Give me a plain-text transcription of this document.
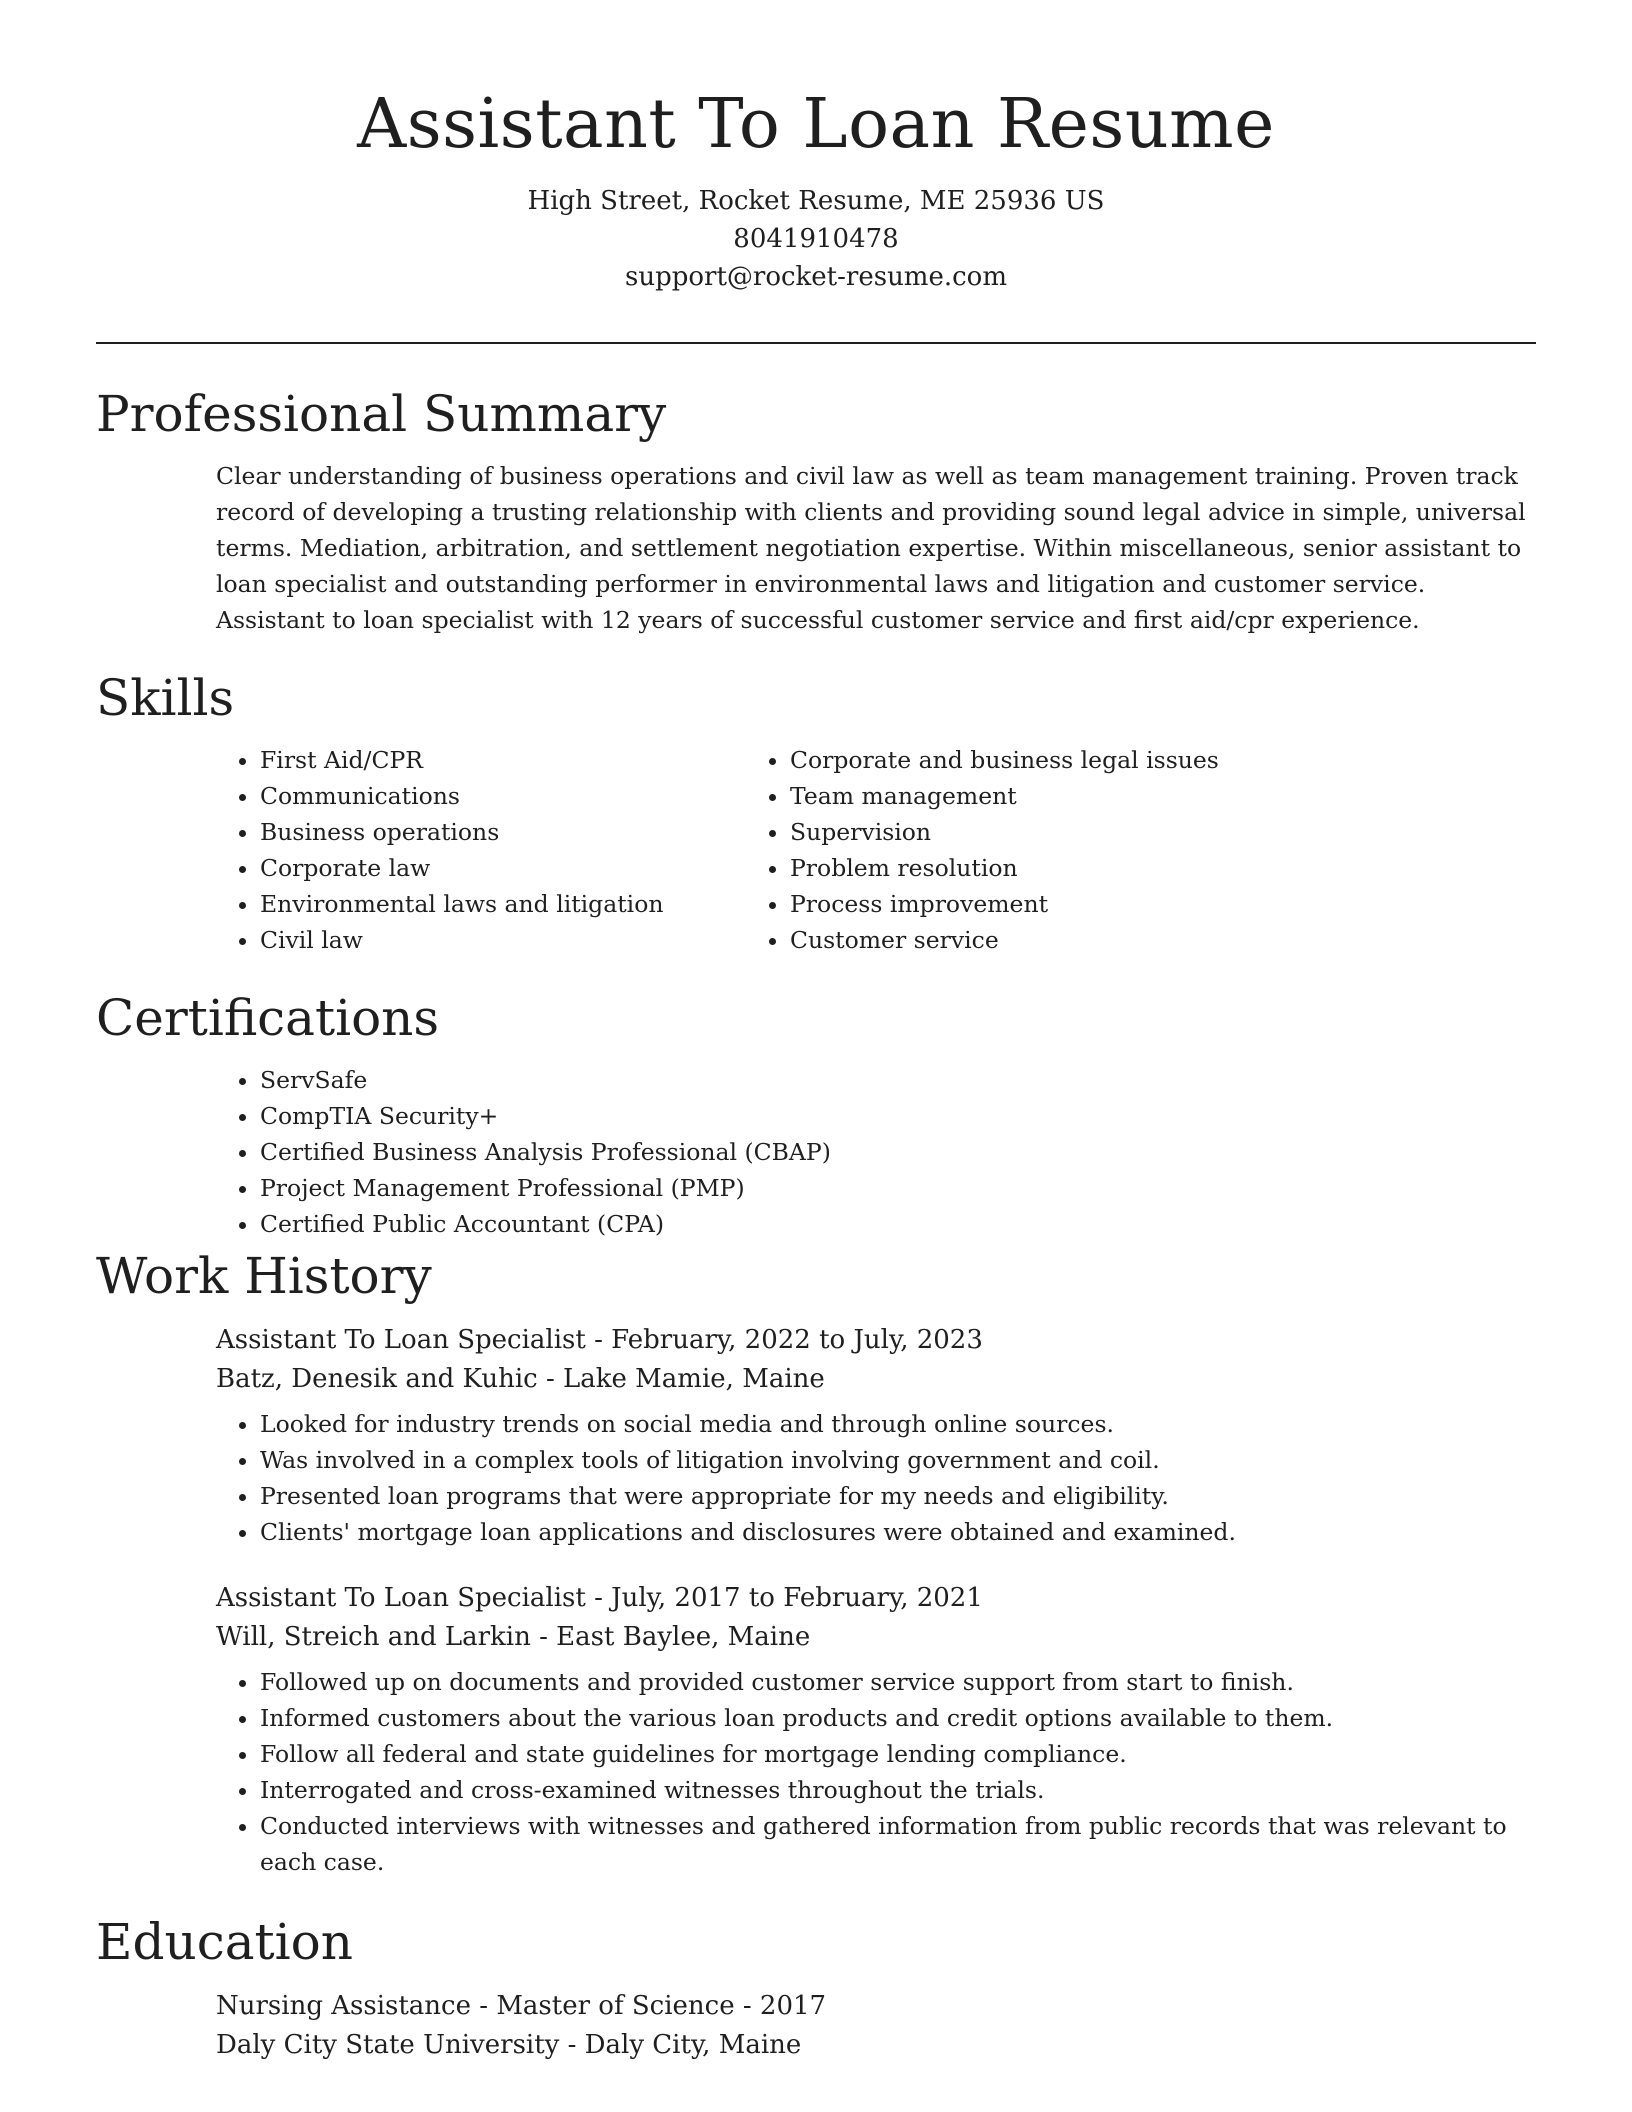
Assistant To Loan Resume
High Street, Rocket Resume, ME 25936 US
8041910478
support@rocket-resume.com
Professional Summary

Clear understanding of business operations and civil law as well as team management training. Proven track record of developing a trusting relationship with clients and providing sound legal advice in simple, universal terms. Mediation, arbitration, and settlement negotiation expertise. Within miscellaneous, senior assistant to loan specialist and outstanding performer in environmental laws and litigation and customer service. Assistant to loan specialist with 12 years of successful customer service and first aid/cpr experience.

Skills
• First Aid/CPR
• Communications
• Business operations
• Corporate law
• Environmental laws and litigation
• Civil law
• Corporate and business legal issues
• Team management
• Supervision
• Problem resolution
• Process improvement
• Customer service
Certifications
• ServSafe
• CompTIA Security+
• Certified Business Analysis Professional (CBAP)
• Project Management Professional (PMP)
• Certified Public Accountant (CPA)
Work History

Assistant To Loan Specialist - February, 2022 to July, 2023

Batz, Denesik and Kuhic - Lake Mamie, Maine

• Looked for industry trends on social media and through online sources.
• Was involved in a complex tools of litigation involving government and coil.
• Presented loan programs that were appropriate for my needs and eligibility.
• Clients' mortgage loan applications and disclosures were obtained and examined.

Assistant To Loan Specialist - July, 2017 to February, 2021

Will, Streich and Larkin - East Baylee, Maine

• Followed up on documents and provided customer service support from start to finish.
• Informed customers about the various loan products and credit options available to them.
• Follow all federal and state guidelines for mortgage lending compliance.
• Interrogated and cross-examined witnesses throughout the trials.
• Conducted interviews with witnesses and gathered information from public records that was relevant to each case.
Education

Nursing Assistance - Master of Science - 2017

Daly City State University - Daly City, Maine
